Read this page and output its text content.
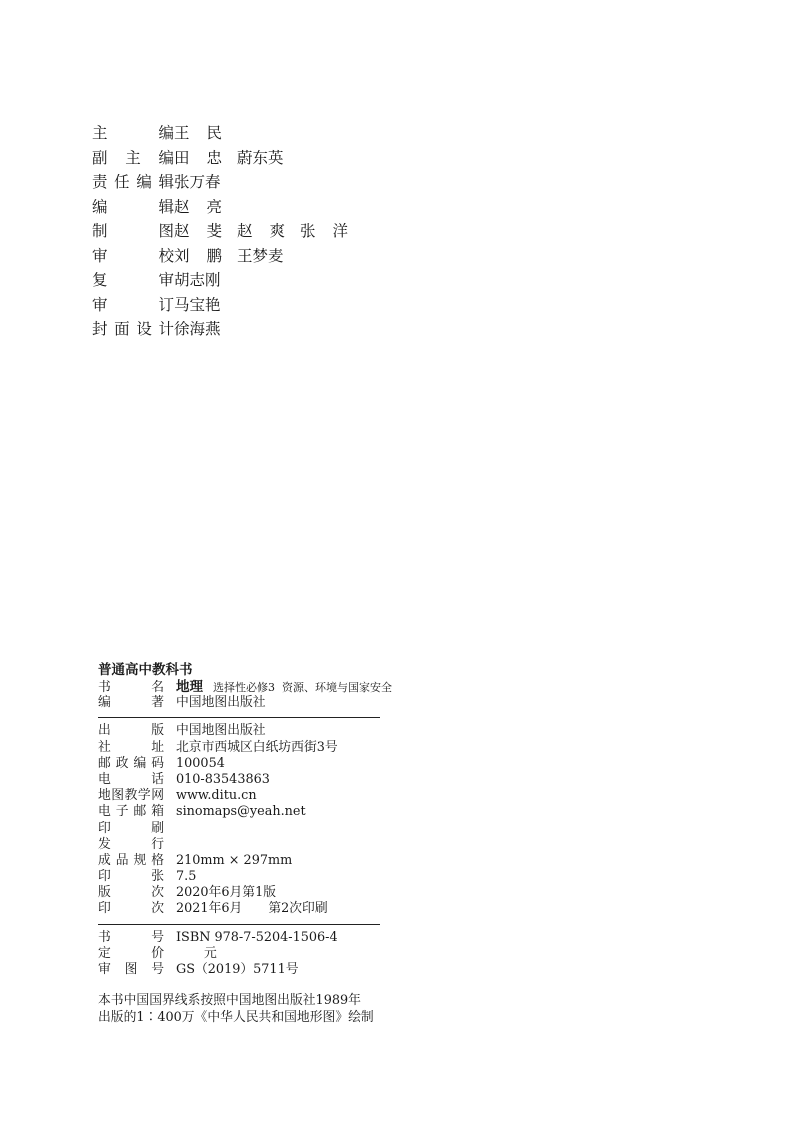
主	编 王 民
副 主 编 田 忠 蔚东英
责 任 编 辑 张万春
编	辑 赵 亮
制	图 赵 斐 赵 爽 张 洋
审	校 刘 鹏 王梦麦
复	审 胡志刚
审	订 马宝艳
封 面 设 计 徐海燕
普通高中教科书
书	名 地理 选择性必修3 资源、环境与国家安全
编	著 中国地图出版社
出	版 中国地图出版社
社	址 北京市西城区白纸坊西街3号
邮 政 编 码 100054
电	话 010-83543863
地 图 教 学 网 www.ditu.cn
电 子 邮 箱 sinomaps@yeah.net
印	刷
发	行
成 品 规 格 210mm × 297mm
印	张 7.5
版	次 2020年6月第1版
印	次 2021年6月 第2次印刷
书	号 ISBN 978-7-5204-1506-4
定	价	元
审 图 号 GS（2019）5711号
本书中国国界线系按照中国地图出版社1989年
出版的1∶400万《中华人民共和国地形图》绘制
